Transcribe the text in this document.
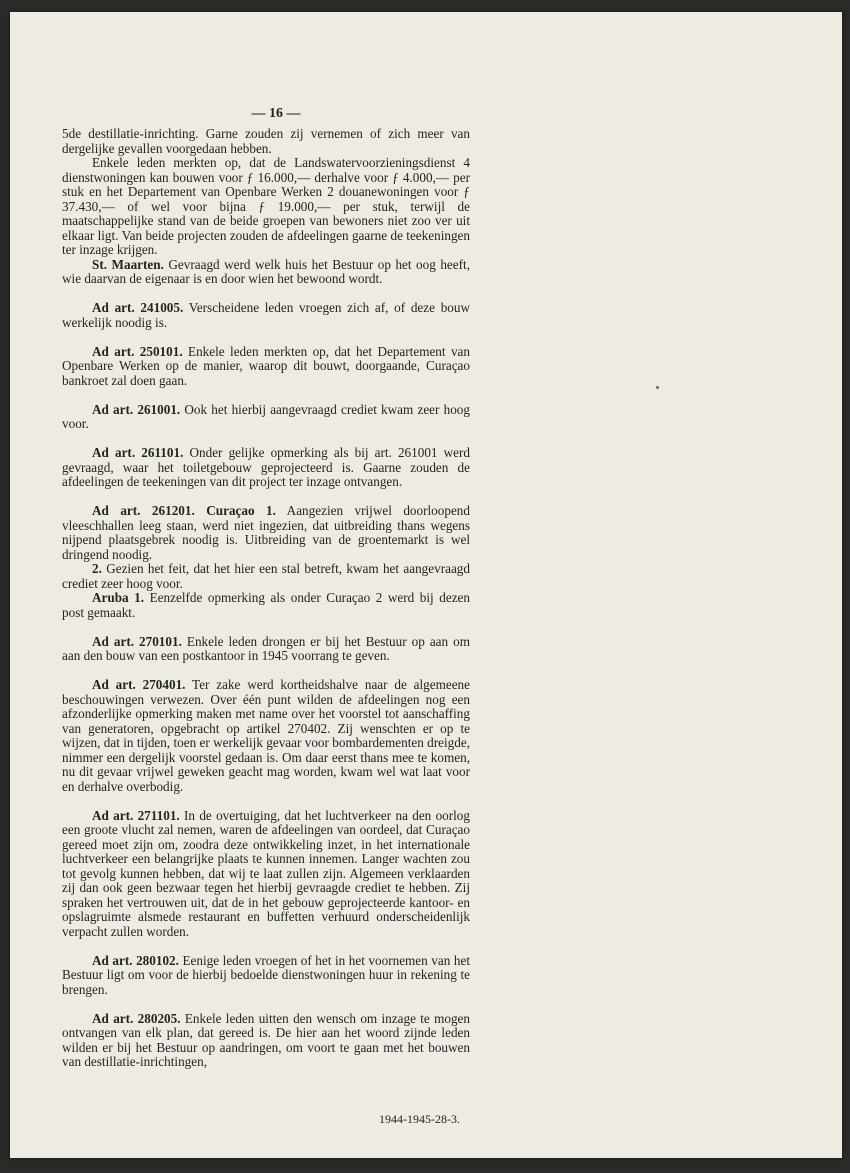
— 16 —

5de destillatie-inrichting. Garne zouden zij vernemen of zich meer van dergelijke gevallen voorgedaan hebben.

Enkele leden merkten op, dat de Landswatervoorzieningsdienst 4 dienstwoningen kan bouwen voor ƒ 16.000,— derhalve voor ƒ 4.000,— per stuk en het Departement van Openbare Werken 2 douanewoningen voor ƒ 37.430,— of wel voor bijna ƒ 19.000,— per stuk, terwijl de maatschappelijke stand van de beide groepen van bewoners niet zoo ver uit elkaar ligt. Van beide projecten zouden de afdeelingen gaarne de teekeningen ter inzage krijgen.

St. Maarten. Gevraagd werd welk huis het Bestuur op het oog heeft, wie daarvan de eigenaar is en door wien het bewoond wordt.

Ad art. 241005. Verscheidene leden vroegen zich af, of deze bouw werkelijk noodig is.

Ad art. 250101. Enkele leden merkten op, dat het Departement van Openbare Werken op de manier, waarop dit bouwt, doorgaande, Curaçao bankroet zal doen gaan.

Ad art. 261001. Ook het hierbij aangevraagd crediet kwam zeer hoog voor.

Ad art. 261101. Onder gelijke opmerking als bij art. 261001 werd gevraagd, waar het toiletgebouw geprojecteerd is. Gaarne zouden de afdeelingen de teekeningen van dit project ter inzage ontvangen.

Ad art. 261201. Curaçao 1. Aangezien vrijwel doorloopend vleeschhallen leeg staan, werd niet ingezien, dat uitbreiding thans wegens nijpend plaatsgebrek noodig is. Uitbreiding van de groentemarkt is wel dringend noodig.

2. Gezien het feit, dat het hier een stal betreft, kwam het aangevraagd crediet zeer hoog voor.

Aruba 1. Eenzelfde opmerking als onder Curaçao 2 werd bij dezen post gemaakt.

Ad art. 270101. Enkele leden drongen er bij het Bestuur op aan om aan den bouw van een postkantoor in 1945 voorrang te geven.

Ad art. 270401. Ter zake werd kortheidshalve naar de algemeene beschouwingen verwezen. Over één punt wilden de afdeelingen nog een afzonderlijke opmerking maken met name over het voorstel tot aanschaffing van generatoren, opgebracht op artikel 270402. Zij wenschten er op te wijzen, dat in tijden, toen er werkelijk gevaar voor bombardementen dreigde, nimmer een dergelijk voorstel gedaan is. Om daar eerst thans mee te komen, nu dit gevaar vrijwel geweken geacht mag worden, kwam wel wat laat voor en derhalve overbodig.

Ad art. 271101. In de overtuiging, dat het luchtverkeer na den oorlog een groote vlucht zal nemen, waren de afdeelingen van oordeel, dat Curaçao gereed moet zijn om, zoodra deze ontwikkeling inzet, in het internationale luchtverkeer een belangrijke plaats te kunnen innemen. Langer wachten zou tot gevolg kunnen hebben, dat wij te laat zullen zijn. Algemeen verklaarden zij dan ook geen bezwaar tegen het hierbij gevraagde crediet te hebben. Zij spraken het vertrouwen uit, dat de in het gebouw geprojecteerde kantoor- en opslagruimte alsmede restaurant en buffetten verhuurd onderscheidenlijk verpacht zullen worden.

Ad art. 280102. Eenige leden vroegen of het in het voornemen van het Bestuur ligt om voor de hierbij bedoelde dienstwoningen huur in rekening te brengen.

Ad art. 280205. Enkele leden uitten den wensch om inzage te mogen ontvangen van elk plan, dat gereed is. De hier aan het woord zijnde leden wilden er bij het Bestuur op aandringen, om voort te gaan met het bouwen van destillatie-inrichtingen,

1944-1945-28-3.
